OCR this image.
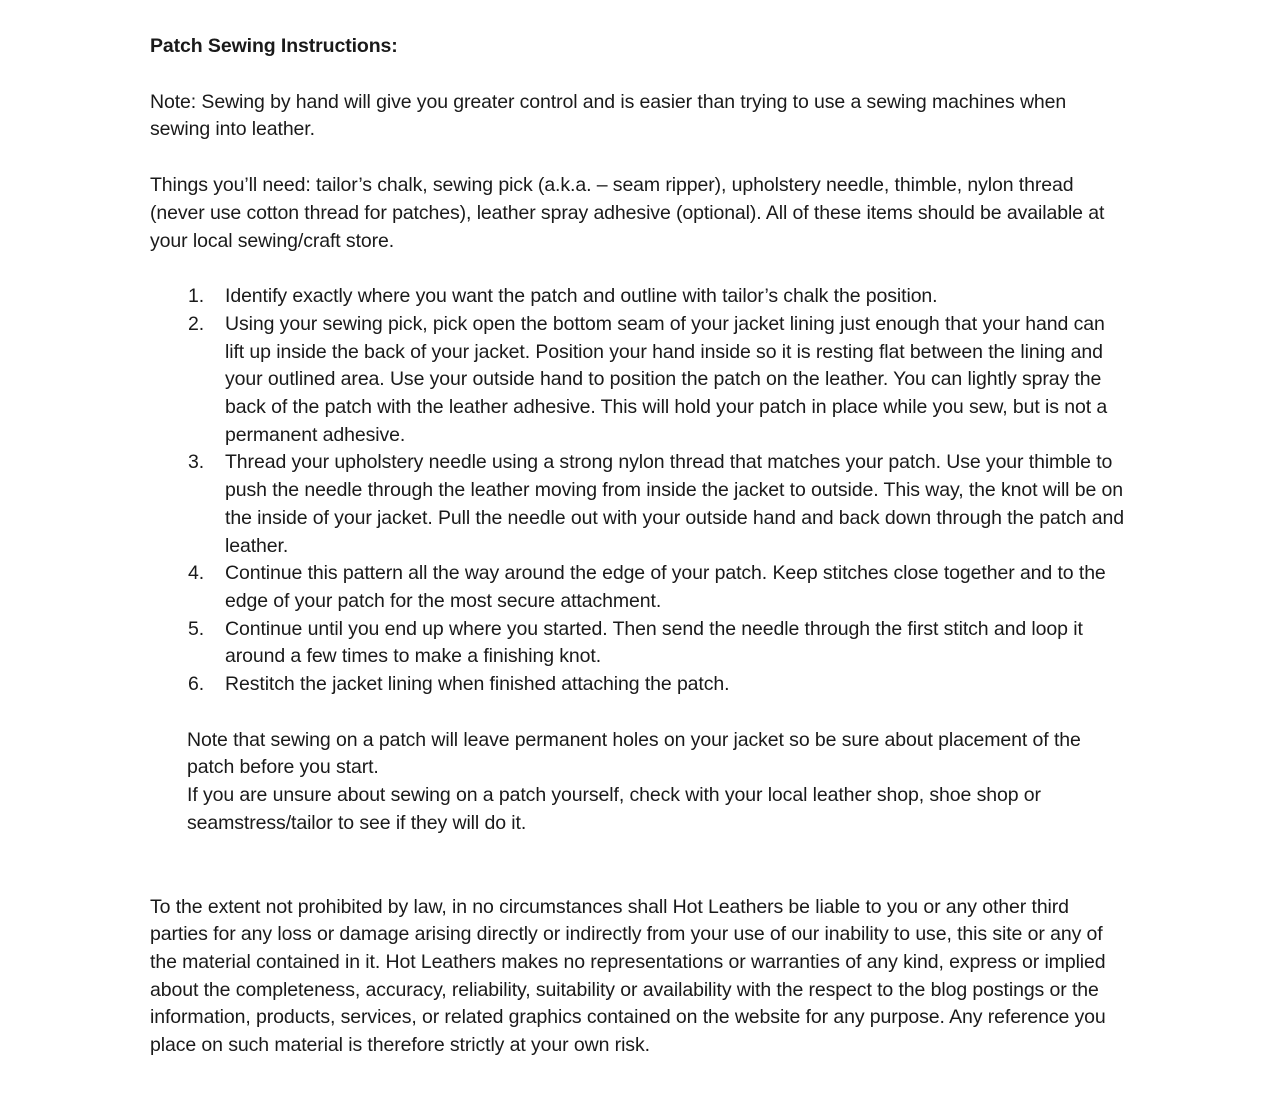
Patch Sewing Instructions:
Note: Sewing by hand will give you greater control and is easier than trying to use a sewing machines when sewing into leather.
Things you’ll need: tailor’s chalk, sewing pick (a.k.a. – seam ripper), upholstery needle, thimble, nylon thread (never use cotton thread for patches), leather spray adhesive (optional). All of these items should be available at your local sewing/craft store.
1. Identify exactly where you want the patch and outline with tailor’s chalk the position.
2. Using your sewing pick, pick open the bottom seam of your jacket lining just enough that your hand can lift up inside the back of your jacket. Position your hand inside so it is resting flat between the lining and your outlined area. Use your outside hand to position the patch on the leather. You can lightly spray the back of the patch with the leather adhesive. This will hold your patch in place while you sew, but is not a permanent adhesive.
3. Thread your upholstery needle using a strong nylon thread that matches your patch. Use your thimble to push the needle through the leather moving from inside the jacket to outside. This way, the knot will be on the inside of your jacket. Pull the needle out with your outside hand and back down through the patch and leather.
4. Continue this pattern all the way around the edge of your patch. Keep stitches close together and to the edge of your patch for the most secure attachment.
5. Continue until you end up where you started. Then send the needle through the first stitch and loop it around a few times to make a finishing knot.
6. Restitch the jacket lining when finished attaching the patch.
Note that sewing on a patch will leave permanent holes on your jacket so be sure about placement of the patch before you start.
If you are unsure about sewing on a patch yourself, check with your local leather shop, shoe shop or seamstress/tailor to see if they will do it.
To the extent not prohibited by law, in no circumstances shall Hot Leathers be liable to you or any other third parties for any loss or damage arising directly or indirectly from your use of our inability to use, this site or any of the material contained in it. Hot Leathers makes no representations or warranties of any kind, express or implied about the completeness, accuracy, reliability, suitability or availability with the respect to the blog postings or the information, products, services, or related graphics contained on the website for any purpose. Any reference you place on such material is therefore strictly at your own risk.
